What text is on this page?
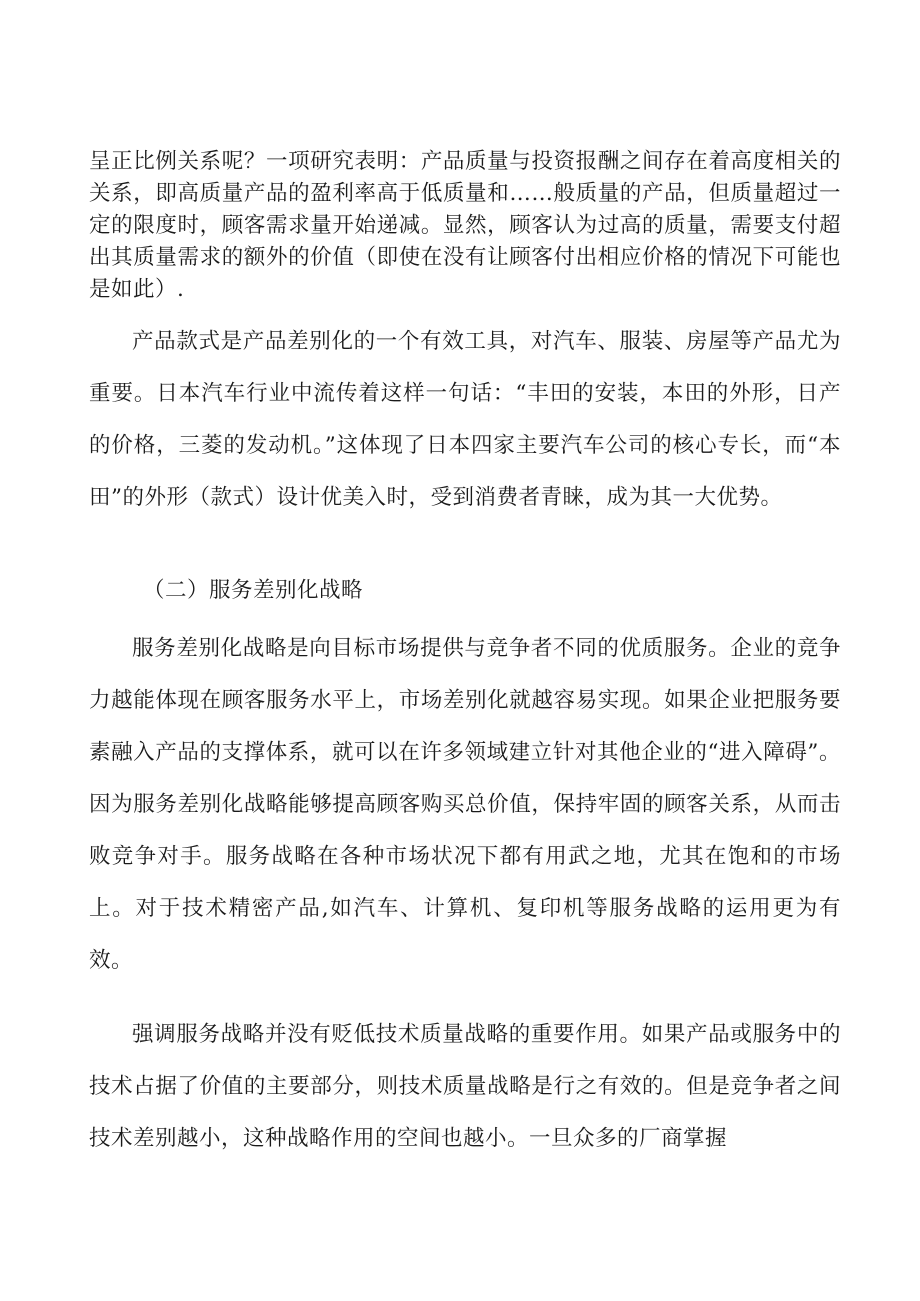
呈正比例关系呢？一项研究表明：产品质量与投资报酬之间存在着高度相关的关系，即高质量产品的盈利率高于低质量和……般质量的产品，但质量超过一定的限度时，顾客需求量开始递减。显然，顾客认为过高的质量，需要支付超出其质量需求的额外的价值（即使在没有让顾客付出相应价格的情况下可能也是如此）.

产品款式是产品差别化的一个有效工具，对汽车、服装、房屋等产品尤为重要。日本汽车行业中流传着这样一句话：“丰田的安装，本田的外形，日产的价格，三菱的发动机。”这体现了日本四家主要汽车公司的核心专长，而“本田”的外形（款式）设计优美入时，受到消费者青睐，成为其一大优势。

（二）服务差别化战略

服务差别化战略是向目标市场提供与竞争者不同的优质服务。企业的竞争力越能体现在顾客服务水平上，市场差别化就越容易实现。如果企业把服务要素融入产品的支撑体系，就可以在许多领域建立针对其他企业的“进入障碍”。因为服务差别化战略能够提高顾客购买总价值，保持牢固的顾客关系，从而击败竞争对手。服务战略在各种市场状况下都有用武之地，尤其在饱和的市场上。对于技术精密产品,如汽车、计算机、复印机等服务战略的运用更为有效。

强调服务战略并没有贬低技术质量战略的重要作用。如果产品或服务中的技术占据了价值的主要部分，则技术质量战略是行之有效的。但是竞争者之间技术差别越小，这种战略作用的空间也越小。一旦众多的厂商掌握
